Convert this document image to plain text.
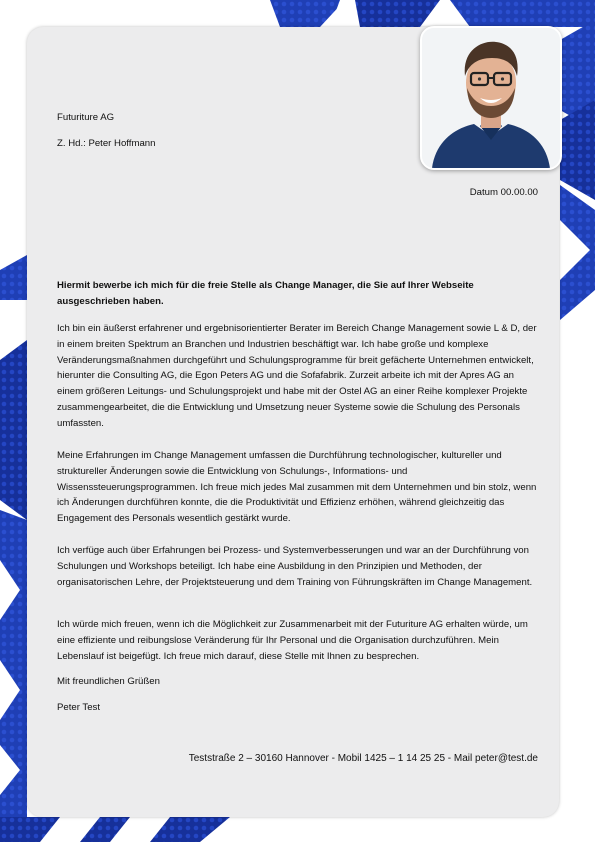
Futuriture AG
Z. Hd.: Peter Hoffmann
Datum 00.00.00
Hiermit bewerbe ich mich für die freie Stelle als Change Manager, die Sie auf Ihrer Webseite ausgeschrieben haben.
Ich bin ein äußerst erfahrener und ergebnisorientierter Berater im Bereich Change Management sowie L & D, der in einem breiten Spektrum an Branchen und Industrien beschäftigt war. Ich habe große und komplexe Veränderungsmaßnahmen durchgeführt und Schulungsprogramme für breit gefächerte Unternehmen entwickelt, hierunter die Consulting AG, die Egon Peters AG und die Sofafabrik. Zurzeit arbeite ich mit der Apres AG an einem größeren Leitungs- und Schulungsprojekt und habe mit der Ostel AG an einer Reihe komplexer Projekte zusammengearbeitet, die die Entwicklung und Umsetzung neuer Systeme sowie die Schulung des Personals umfassten.
Meine Erfahrungen im Change Management umfassen die Durchführung technologischer, kultureller und struktureller Änderungen sowie die Entwicklung von Schulungs-, Informations- und Wissenssteuerungsprogrammen. Ich freue mich jedes Mal zusammen mit dem Unternehmen und bin stolz, wenn ich Änderungen durchführen konnte, die die Produktivität und Effizienz erhöhen, während gleichzeitig das Engagement des Personals wesentlich gestärkt wurde.
Ich verfüge auch über Erfahrungen bei Prozess- und Systemverbesserungen und war an der Durchführung von Schulungen und Workshops beteiligt. Ich habe eine Ausbildung in den Prinzipien und Methoden, der organisatorischen Lehre, der Projektsteuerung und dem Training von Führungskräften im Change Management.
Ich würde mich freuen, wenn ich die Möglichkeit zur Zusammenarbeit mit der Futuriture AG erhalten würde, um eine effiziente und reibungslose Veränderung für Ihr Personal und die Organisation durchzuführen. Mein Lebenslauf ist beigefügt. Ich freue mich darauf, diese Stelle mit Ihnen zu besprechen.
Mit freundlichen Grüßen
Peter Test
Teststraße 2 – 30160 Hannover - Mobil 1425 – 1 14 25 25 - Mail peter@test.de
